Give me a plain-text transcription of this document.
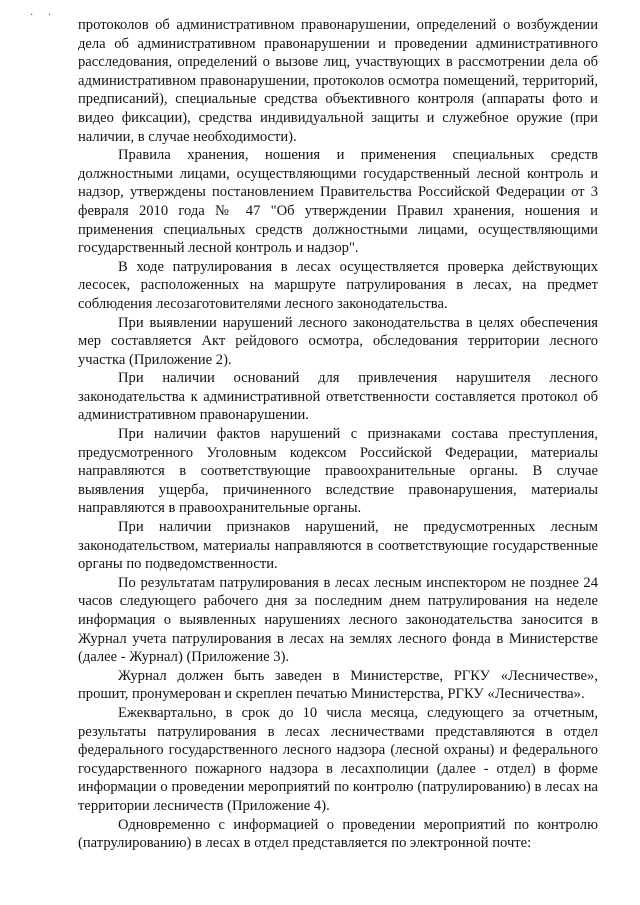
· ·

протоколов об административном правонарушении, определений о возбуждении дела об административном правонарушении и проведении административного расследования, определений о вызове лиц, участвующих в рассмотрении дела об административном правонарушении, протоколов осмотра помещений, территорий, предписаний), специальные средства объективного контроля (аппараты фото и видео фиксации), средства индивидуальной защиты и служебное оружие (при наличии, в случае необходимости).

Правила хранения, ношения и применения специальных средств должностными лицами, осуществляющими государственный лесной контроль и надзор, утверждены постановлением Правительства Российской Федерации от 3 февраля 2010 года № 47 "Об утверждении Правил хранения, ношения и применения специальных средств должностными лицами, осуществляющими государственный лесной контроль и надзор".

В ходе патрулирования в лесах осуществляется проверка действующих лесосек, расположенных на маршруте патрулирования в лесах, на предмет соблюдения лесозаготовителями лесного законодательства.

При выявлении нарушений лесного законодательства в целях обеспечения мер составляется Акт рейдового осмотра, обследования территории лесного участка (Приложение 2).

При наличии оснований для привлечения нарушителя лесного законодательства к административной ответственности составляется протокол об административном правонарушении.

При наличии фактов нарушений с признаками состава преступления, предусмотренного Уголовным кодексом Российской Федерации, материалы направляются в соответствующие правоохранительные органы. В случае выявления ущерба, причиненного вследствие правонарушения, материалы направляются в правоохранительные органы.

При наличии признаков нарушений, не предусмотренных лесным законодательством, материалы направляются в соответствующие государственные органы по подведомственности.

По результатам патрулирования в лесах лесным инспектором не позднее 24 часов следующего рабочего дня за последним днем патрулирования на неделе информация о выявленных нарушениях лесного законодательства заносится в Журнал учета патрулирования в лесах на землях лесного фонда в Министерстве (далее - Журнал) (Приложение 3).

Журнал должен быть заведен в Министерстве, РГКУ «Лесничестве», прошит, пронумерован и скреплен печатью Министерства, РГКУ «Лесничества».

Ежеквартально, в срок до 10 числа месяца, следующего за отчетным, результаты патрулирования в лесах лесничествами представляются в отдел федерального государственного лесного надзора (лесной охраны) и федерального государственного пожарного надзора в лесахполиции (далее - отдел) в форме информации о проведении мероприятий по контролю (патрулированию) в лесах на территории лесничеств (Приложение 4).

Одновременно с информацией о проведении мероприятий по контролю (патрулированию) в лесах в отдел представляется по электронной почте:
